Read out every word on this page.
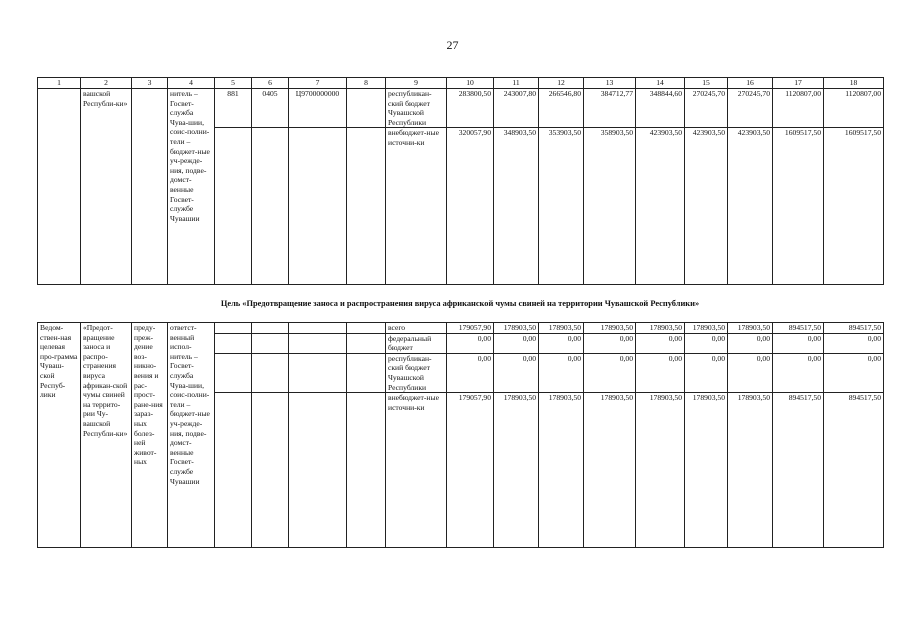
27
1	2	3	4	5	6	7	8	9	10	11	12	13	14	15	16	17	18
	вашской Республи-ки»		нитель – Госвет-служба Чува-шии, соис-полни-тели – бюджет-ные уч-режде-ния, подве-домст-венные Госвет-службе Чувашии	881	0405	Ц9700000000		республикан-ский бюджет Чувашской Республики	283800,50	243007,80	266546,80	384712,77	348844,60	270245,70	270245,70	1120807,00	1120807,00
								внебюджет-ные источни-ки	320057,90	348903,50	353903,50	358903,50	423903,50	423903,50	423903,50	1609517,50	1609517,50
Цель «Предотвращение заноса и распространения вируса африканской чумы свиней на территории Чувашской Республики»
Ведом-ствен-ная целевая про-грамма Чуваш-ской Респуб-лики	«Предот-вращение заноса и распро-странения вируса африкан-ской чумы свиней на террито-рии Чу-вашской Республи-ки»	преду-преж-дение воз-никно-вения и рас-прост-ране-ния зараз-ных болез-ней живот-ных	ответст-венный испол-нитель – Госвет-служба Чува-шии, соис-полни-тели – бюджет-ные уч-режде-ния, подве-домст-венные Госвет-службе Чувашии					всего	179057,90	178903,50	178903,50	178903,50	178903,50	178903,50	178903,50	894517,50	894517,50
								федеральный бюджет	0,00	0,00	0,00	0,00	0,00	0,00	0,00	0,00	0,00
								республикан-ский бюджет Чувашской Республики	0,00	0,00	0,00	0,00	0,00	0,00	0,00	0,00	0,00
								внебюджет-ные источни-ки	179057,90	178903,50	178903,50	178903,50	178903,50	178903,50	178903,50	894517,50	894517,50
